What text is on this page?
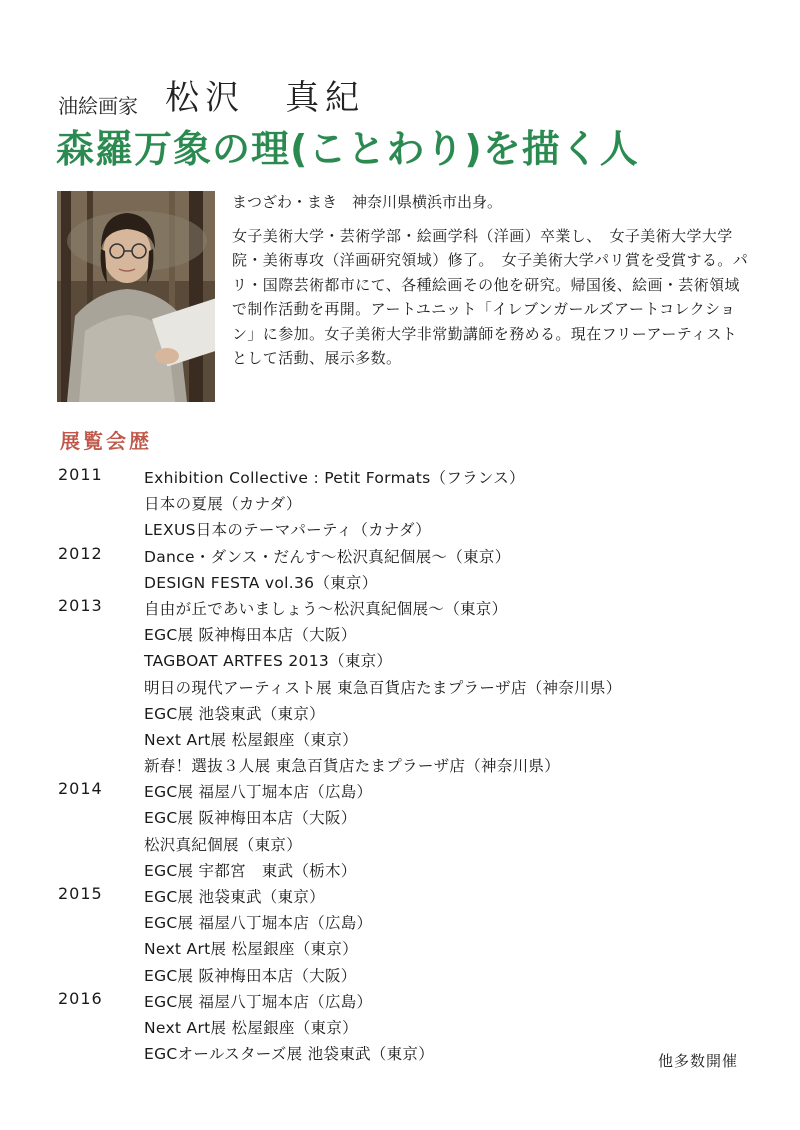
油絵画家 松沢　真紀
森羅万象の理(ことわり)を描く人

まつざわ・まき　神奈川県横浜市出身。

女子美術大学・芸術学部・絵画学科（洋画）卒業し、　女子美術大学大学院・美術専攻（洋画研究領域）修了。　女子美術大学パリ賞を受賞する。パリ・国際芸術都市にて、各種絵画その他を研究。帰国後、絵画・芸術領域で制作活動を再開。アートユニット「イレブンガールズアートコレクション」に参加。女子美術大学非常勤講師を務める。現在フリーアーティストとして活動、展示多数。

展覧会歴
2011	Exhibition Collective : Petit Formats（フランス）
日本の夏展（カナダ）
LEXUS日本のテーマパーティ（カナダ）
2012	Dance・ダンス・だんす～松沢真紀個展～（東京）
DESIGN FESTA vol.36（東京）
2013	自由が丘であいましょう～松沢真紀個展～（東京）
EGC展 阪神梅田本店（大阪）
TAGBOAT ARTFES 2013（東京）
明日の現代アーティスト展 東急百貨店たまプラーザ店（神奈川県）
EGC展 池袋東武（東京）
Next Art展 松屋銀座（東京）
新春！選抜３人展 東急百貨店たまプラーザ店（神奈川県）
2014	EGC展 福屋八丁堀本店（広島）
EGC展 阪神梅田本店（大阪）
松沢真紀個展（東京）
EGC展 宇都宮　東武（栃木）
2015	EGC展 池袋東武（東京）
EGC展 福屋八丁堀本店（広島）
Next Art展 松屋銀座（東京）
EGC展 阪神梅田本店（大阪）
2016	EGC展 福屋八丁堀本店（広島）
Next Art展 松屋銀座（東京）
EGCオールスターズ展 池袋東武（東京）	他多数開催
